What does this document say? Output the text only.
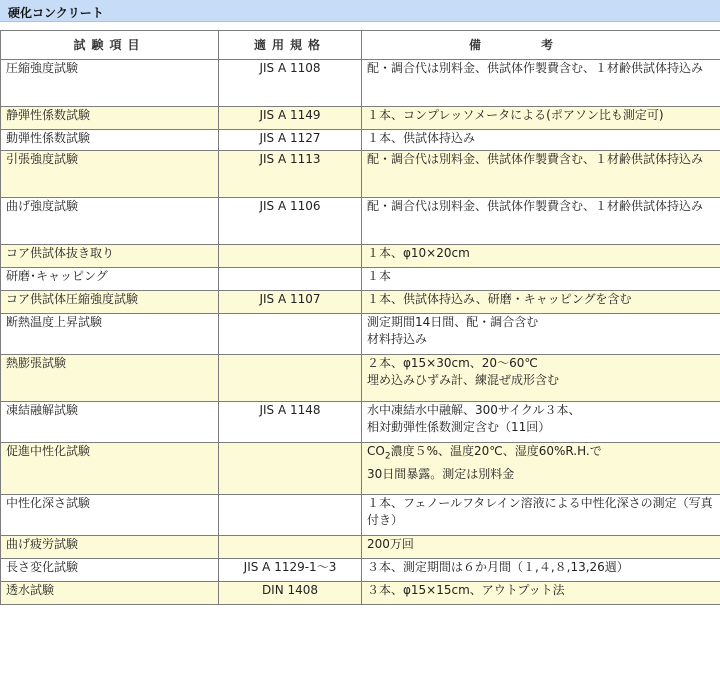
硬化コンクリート
試験項目	適用規格	備考
圧縮強度試験	JIS A 1108	配・調合代は別料金、供試体作製費含む、１材齢供試体持込み

静弾性係数試験	JIS A 1149	１本、コンプレッソメータによる(ポアソン比も測定可)

動弾性係数試験	JIS A 1127	１本、供試体持込み

引張強度試験	JIS A 1113	配・調合代は別料金、供試体作製費含む、１材齢供試体持込み

曲げ強度試験	JIS A 1106	配・調合代は別料金、供試体作製費含む、１材齢供試体持込み

コア供試体抜き取り		１本、φ10×20cm

研磨･キャッピング		１本

コア供試体圧縮強度試験	JIS A 1107	１本、供試体持込み、研磨・キャッピングを含む

断熱温度上昇試験		測定期間14日間、配・調合含む
材料持込み

熱膨張試験		２本、φ15×30cm、20～60℃
埋め込みひずみ計、練混ぜ成形含む

凍結融解試験	JIS A 1148	水中凍結水中融解、300サイクル３本、
相対動弾性係数測定含む（11回）

促進中性化試験		$CO_2$濃度５%、温度20℃、湿度60%R.H.で
30日間暴露。測定は別料金

中性化深さ試験		１本、フェノールフタレイン溶液による中性化深さの測定（写真付き）

曲げ疲労試験		200万回

長さ変化試験	JIS A 1129-1～3	３本、測定期間は６か月間（１,４,８,13,26週）

透水試験	DIN 1408	３本、φ15×15cm、アウトプット法
